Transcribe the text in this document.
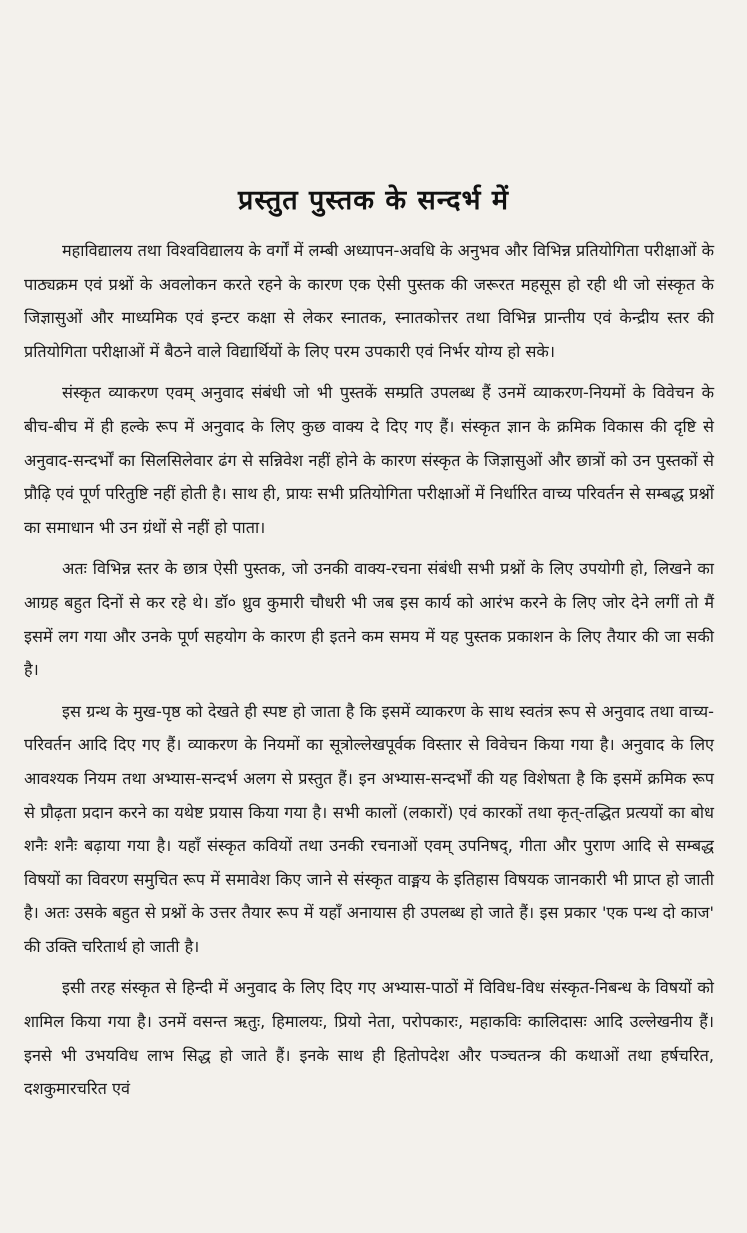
प्रस्तुत पुस्तक के सन्दर्भ में

महाविद्यालय तथा विश्वविद्यालय के वर्गों में लम्बी अध्यापन-अवधि के अनुभव और विभिन्न प्रतियोगिता परीक्षाओं के पाठ्यक्रम एवं प्रश्नों के अवलोकन करते रहने के कारण एक ऐसी पुस्तक की जरूरत महसूस हो रही थी जो संस्कृत के जिज्ञासुओं और माध्यमिक एवं इन्टर कक्षा से लेकर स्नातक, स्नातकोत्तर तथा विभिन्न प्रान्तीय एवं केन्द्रीय स्तर की प्रतियोगिता परीक्षाओं में बैठने वाले विद्यार्थियों के लिए परम उपकारी एवं निर्भर योग्य हो सके।

संस्कृत व्याकरण एवम् अनुवाद संबंधी जो भी पुस्तकें सम्प्रति उपलब्ध हैं उनमें व्याकरण-नियमों के विवेचन के बीच-बीच में ही हल्के रूप में अनुवाद के लिए कुछ वाक्य दे दिए गए हैं। संस्कृत ज्ञान के क्रमिक विकास की दृष्टि से अनुवाद-सन्दर्भों का सिलसिलेवार ढंग से सन्निवेश नहीं होने के कारण संस्कृत के जिज्ञासुओं और छात्रों को उन पुस्तकों से प्रौढ़ि एवं पूर्ण परितुष्टि नहीं होती है। साथ ही, प्रायः सभी प्रतियोगिता परीक्षाओं में निर्धारित वाच्य परिवर्तन से सम्बद्ध प्रश्नों का समाधान भी उन ग्रंथों से नहीं हो पाता।

अतः विभिन्न स्तर के छात्र ऐसी पुस्तक, जो उनकी वाक्य-रचना संबंधी सभी प्रश्नों के लिए उपयोगी हो, लिखने का आग्रह बहुत दिनों से कर रहे थे। डॉ० ध्रुव कुमारी चौधरी भी जब इस कार्य को आरंभ करने के लिए जोर देने लगीं तो मैं इसमें लग गया और उनके पूर्ण सहयोग के कारण ही इतने कम समय में यह पुस्तक प्रकाशन के लिए तैयार की जा सकी है।

इस ग्रन्थ के मुख-पृष्ठ को देखते ही स्पष्ट हो जाता है कि इसमें व्याकरण के साथ स्वतंत्र रूप से अनुवाद तथा वाच्य-परिवर्तन आदि दिए गए हैं। व्याकरण के नियमों का सूत्रोल्लेखपूर्वक विस्तार से विवेचन किया गया है। अनुवाद के लिए आवश्यक नियम तथा अभ्यास-सन्दर्भ अलग से प्रस्तुत हैं। इन अभ्यास-सन्दर्भों की यह विशेषता है कि इसमें क्रमिक रूप से प्रौढ़ता प्रदान करने का यथेष्ट प्रयास किया गया है। सभी कालों (लकारों) एवं कारकों तथा कृत्-तद्धित प्रत्ययों का बोध शनैः शनैः बढ़ाया गया है। यहाँ संस्कृत कवियों तथा उनकी रचनाओं एवम् उपनिषद्, गीता और पुराण आदि से सम्बद्ध विषयों का विवरण समुचित रूप में समावेश किए जाने से संस्कृत वाङ्मय के इतिहास विषयक जानकारी भी प्राप्त हो जाती है। अतः उसके बहुत से प्रश्नों के उत्तर तैयार रूप में यहाँ अनायास ही उपलब्ध हो जाते हैं। इस प्रकार 'एक पन्थ दो काज' की उक्ति चरितार्थ हो जाती है।

इसी तरह संस्कृत से हिन्दी में अनुवाद के लिए दिए गए अभ्यास-पाठों में विविध-विध संस्कृत-निबन्ध के विषयों को शामिल किया गया है। उनमें वसन्त ऋतुः, हिमालयः, प्रियो नेता, परोपकारः, महाकविः कालिदासः आदि उल्लेखनीय हैं। इनसे भी उभयविध लाभ सिद्ध हो जाते हैं। इनके साथ ही हितोपदेश और पञ्चतन्त्र की कथाओं तथा हर्षचरित, दशकुमारचरित एवं
